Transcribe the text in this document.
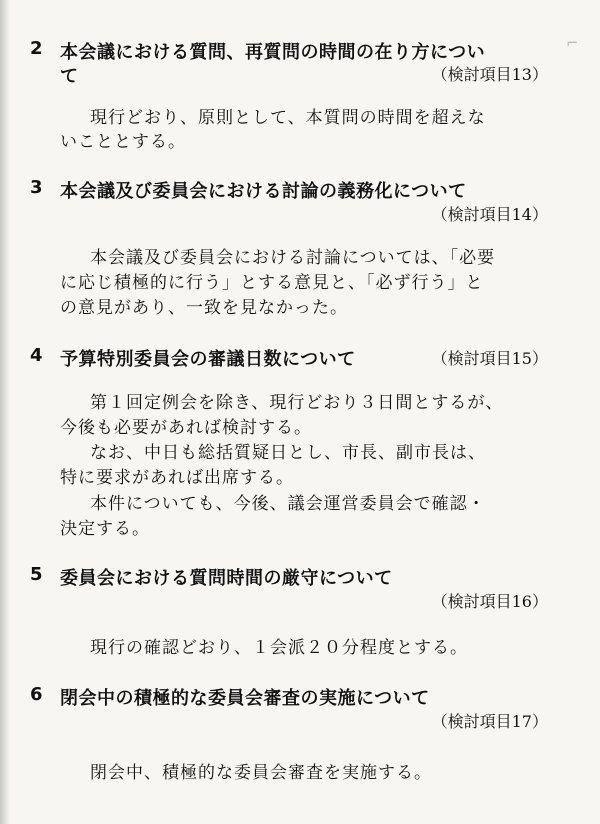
⌐
2 本会議における質問、再質問の時間の在り方につい
て	（検討項目13）
現行どおり、原則として、本質問の時間を超えな
いこととする。
3 本会議及び委員会における討論の義務化について
（検討項目14）
本会議及び委員会における討論については、「必要
に応じ積極的に行う」とする意見と、「必ず行う」と
の意見があり、一致を見なかった。
4 予算特別委員会の審議日数について	（検討項目15）
第１回定例会を除き、現行どおり３日間とするが、
今後も必要があれば検討する。
なお、中日も総括質疑日とし、市長、副市長は、
特に要求があれば出席する。
本件についても、今後、議会運営委員会で確認・
決定する。
5 委員会における質問時間の厳守について
（検討項目16）
現行の確認どおり、１会派２０分程度とする。
6 閉会中の積極的な委員会審査の実施について
（検討項目17）
閉会中、積極的な委員会審査を実施する。
